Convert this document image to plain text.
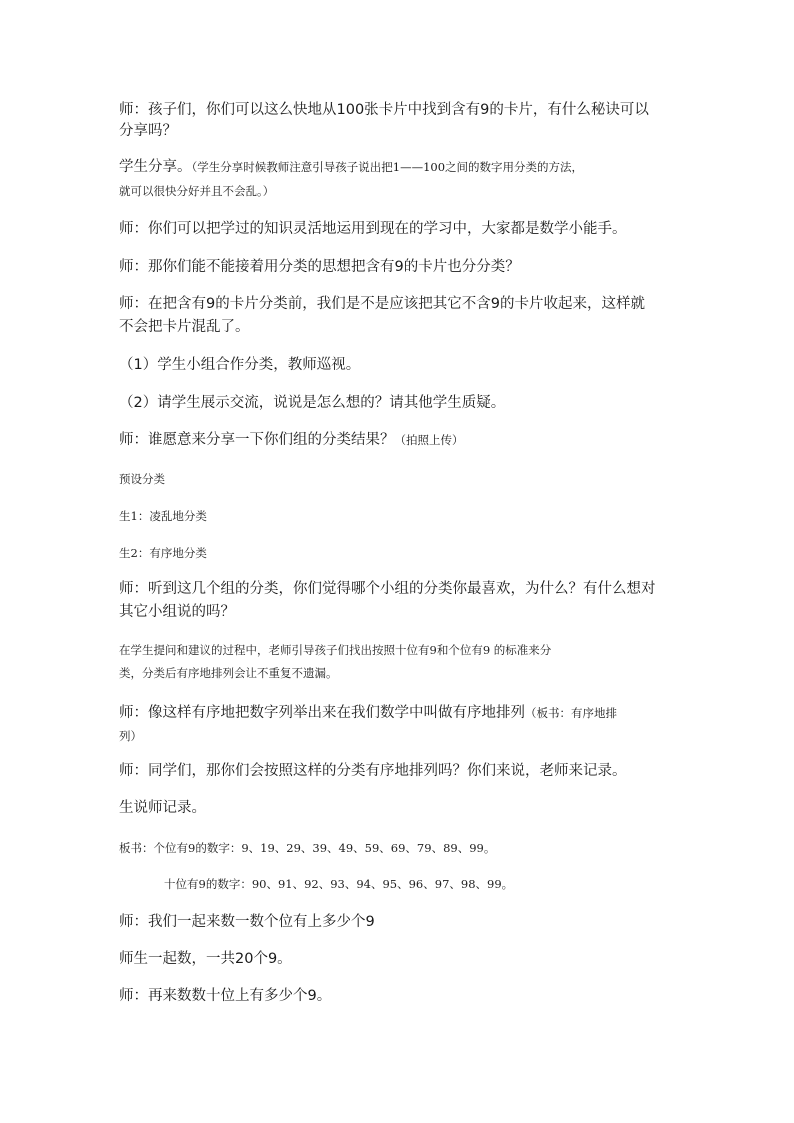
师：孩子们，你们可以这么快地从100张卡片中找到含有9的卡片，有什么秘诀可以

分享吗？

学生分享。（学生分享时候教师注意引导孩子说出把1——100之间的数字用分类的方法，

就可以很快分好并且不会乱。）

师：你们可以把学过的知识灵活地运用到现在的学习中，大家都是数学小能手。

师：那你们能不能接着用分类的思想把含有9的卡片也分分类？

师：在把含有9的卡片分类前，我们是不是应该把其它不含9的卡片收起来，这样就

不会把卡片混乱了。

（1）学生小组合作分类，教师巡视。

（2）请学生展示交流，说说是怎么想的？请其他学生质疑。

师：谁愿意来分享一下你们组的分类结果？（拍照上传）

预设分类

生1：凌乱地分类

生2：有序地分类

师：听到这几个组的分类，你们觉得哪个小组的分类你最喜欢，为什么？有什么想对

其它小组说的吗？

在学生提问和建议的过程中，老师引导孩子们找出按照十位有9和个位有9 的标准来分

类，分类后有序地排列会让不重复不遗漏。

师：像这样有序地把数字列举出来在我们数学中叫做有序地排列（板书：有序地排

列）

师：同学们，那你们会按照这样的分类有序地排列吗？你们来说，老师来记录。

生说师记录。

板书：个位有9的数字：9、19、29、39、49、59、69、79、89、99。

十位有9的数字：90、91、92、93、94、95、96、97、98、99。

师：我们一起来数一数个位有上多少个9

师生一起数，一共20个9。

师：再来数数十位上有多少个9。
